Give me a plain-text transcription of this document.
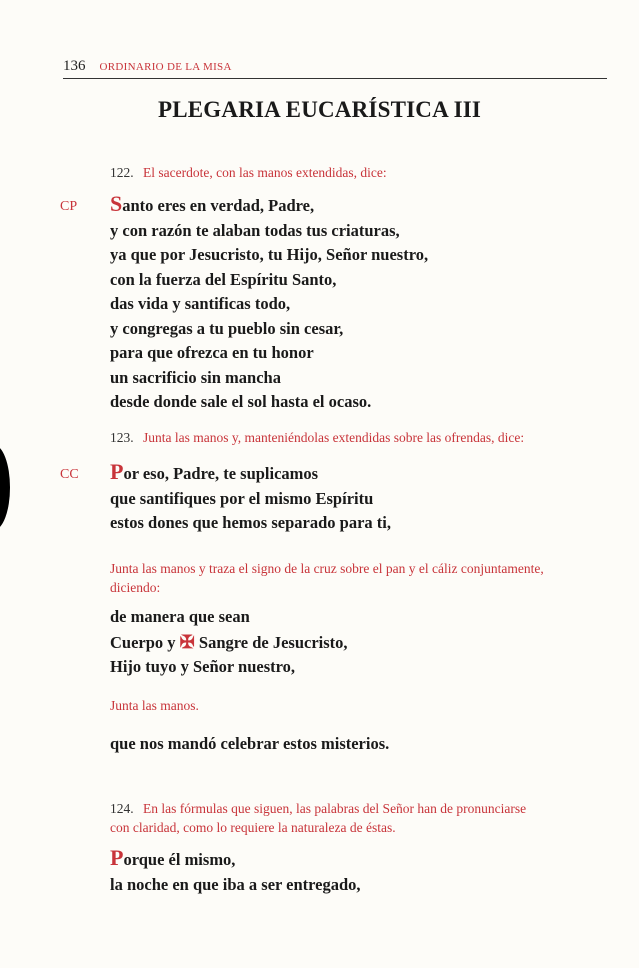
136 ORDINARIO DE LA MISA
PLEGARIA EUCARÍSTICA III
122. El sacerdote, con las manos extendidas, dice:
CP Santo eres en verdad, Padre,
y con razón te alaban todas tus criaturas,
ya que por Jesucristo, tu Hijo, Señor nuestro,
con la fuerza del Espíritu Santo,
das vida y santificas todo,
y congregas a tu pueblo sin cesar,
para que ofrezca en tu honor
un sacrificio sin mancha
desde donde sale el sol hasta el ocaso.
123. Junta las manos y, manteniéndolas extendidas sobre las ofrendas, dice:
CC Por eso, Padre, te suplicamos
que santifiques por el mismo Espíritu
estos dones que hemos separado para ti,
Junta las manos y traza el signo de la cruz sobre el pan y el cáliz conjuntamente,
diciendo:
de manera que sean
Cuerpo y ✠ Sangre de Jesucristo,
Hijo tuyo y Señor nuestro,
Junta las manos.
que nos mandó celebrar estos misterios.
124. En las fórmulas que siguen, las palabras del Señor han de pronunciarse
con claridad, como lo requiere la naturaleza de éstas.
Porque él mismo,
la noche en que iba a ser entregado,
